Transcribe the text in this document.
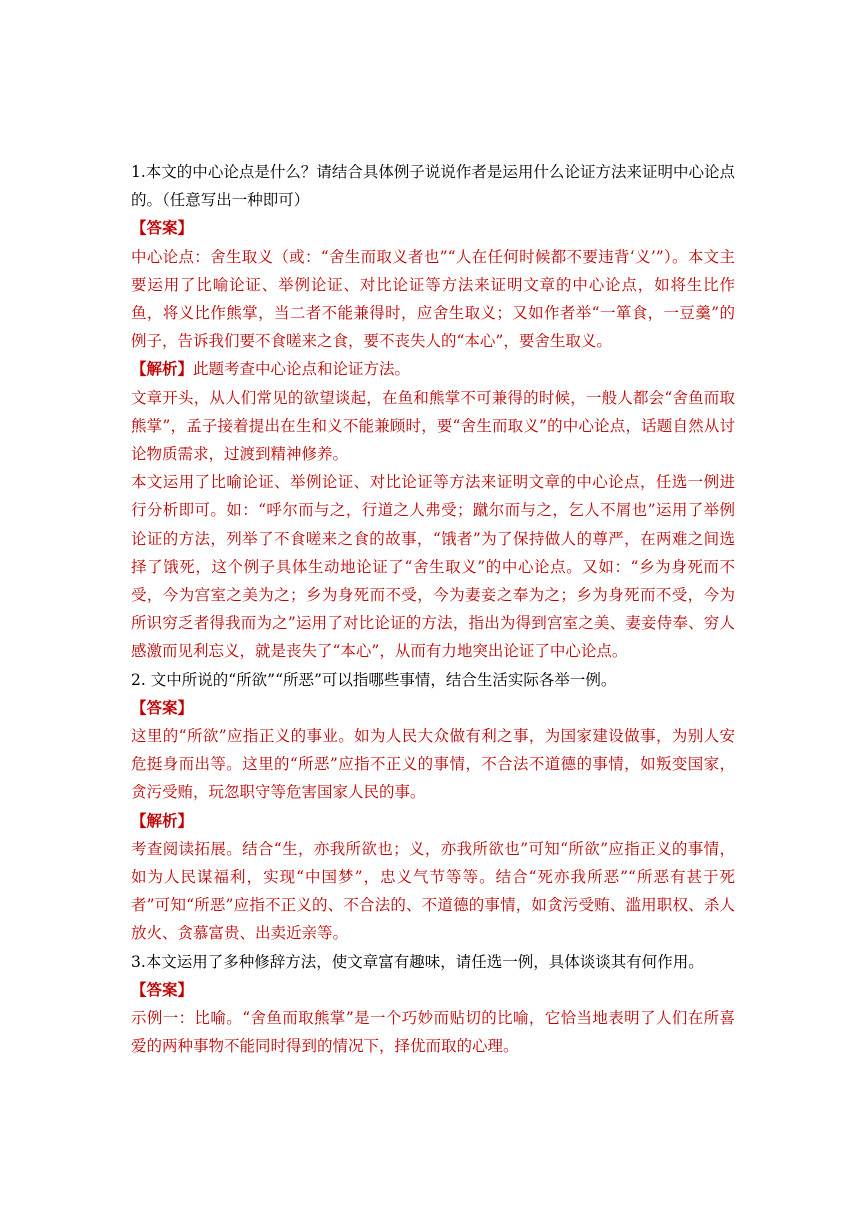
1.本文的中心论点是什么？请结合具体例子说说作者是运用什么论证方法来证明中心论点的。（任意写出一种即可）

【答案】

中心论点：舍生取义（或：“舍生而取义者也”“人在任何时候都不要违背‘义’”）。本文主要运用了比喻论证、举例论证、对比论证等方法来证明文章的中心论点，如将生比作鱼，将义比作熊掌，当二者不能兼得时，应舍生取义；又如作者举“一箪食，一豆羹”的例子，告诉我们要不食嗟来之食，要不丧失人的“本心”，要舍生取义。

【解析】此题考查中心论点和论证方法。

文章开头，从人们常见的欲望谈起，在鱼和熊掌不可兼得的时候，一般人都会“舍鱼而取熊掌”，孟子接着提出在生和义不能兼顾时，要“舍生而取义”的中心论点，话题自然从讨论物质需求，过渡到精神修养。

本文运用了比喻论证、举例论证、对比论证等方法来证明文章的中心论点，任选一例进行分析即可。如：“呼尔而与之，行道之人弗受；蹴尔而与之，乞人不屑也”运用了举例论证的方法，列举了不食嗟来之食的故事，“饿者”为了保持做人的尊严，在两难之间选择了饿死，这个例子具体生动地论证了“舍生取义”的中心论点。又如：“乡为身死而不受，今为宫室之美为之；乡为身死而不受，今为妻妾之奉为之；乡为身死而不受，今为所识穷乏者得我而为之”运用了对比论证的方法，指出为得到宫室之美、妻妾侍奉、穷人感激而见利忘义，就是丧失了“本心”，从而有力地突出论证了中心论点。

2. 文中所说的“所欲”“所恶”可以指哪些事情，结合生活实际各举一例。

【答案】

这里的“所欲”应指正义的事业。如为人民大众做有利之事，为国家建设做事，为别人安危挺身而出等。这里的“所恶”应指不正义的事情，不合法不道德的事情，如叛变国家，贪污受贿，玩忽职守等危害国家人民的事。

【解析】

考查阅读拓展。结合“生，亦我所欲也；义，亦我所欲也”可知“所欲”应指正义的事情，如为人民谋福利，实现“中国梦”，忠义气节等等。结合“死亦我所恶”“所恶有甚于死者”可知“所恶”应指不正义的、不合法的、不道德的事情，如贪污受贿、滥用职权、杀人放火、贪慕富贵、出卖近亲等。

3.本文运用了多种修辞方法，使文章富有趣味，请任选一例，具体谈谈其有何作用。

【答案】

示例一：比喻。“舍鱼而取熊掌”是一个巧妙而贴切的比喻，它恰当地表明了人们在所喜爱的两种事物不能同时得到的情况下，择优而取的心理。
